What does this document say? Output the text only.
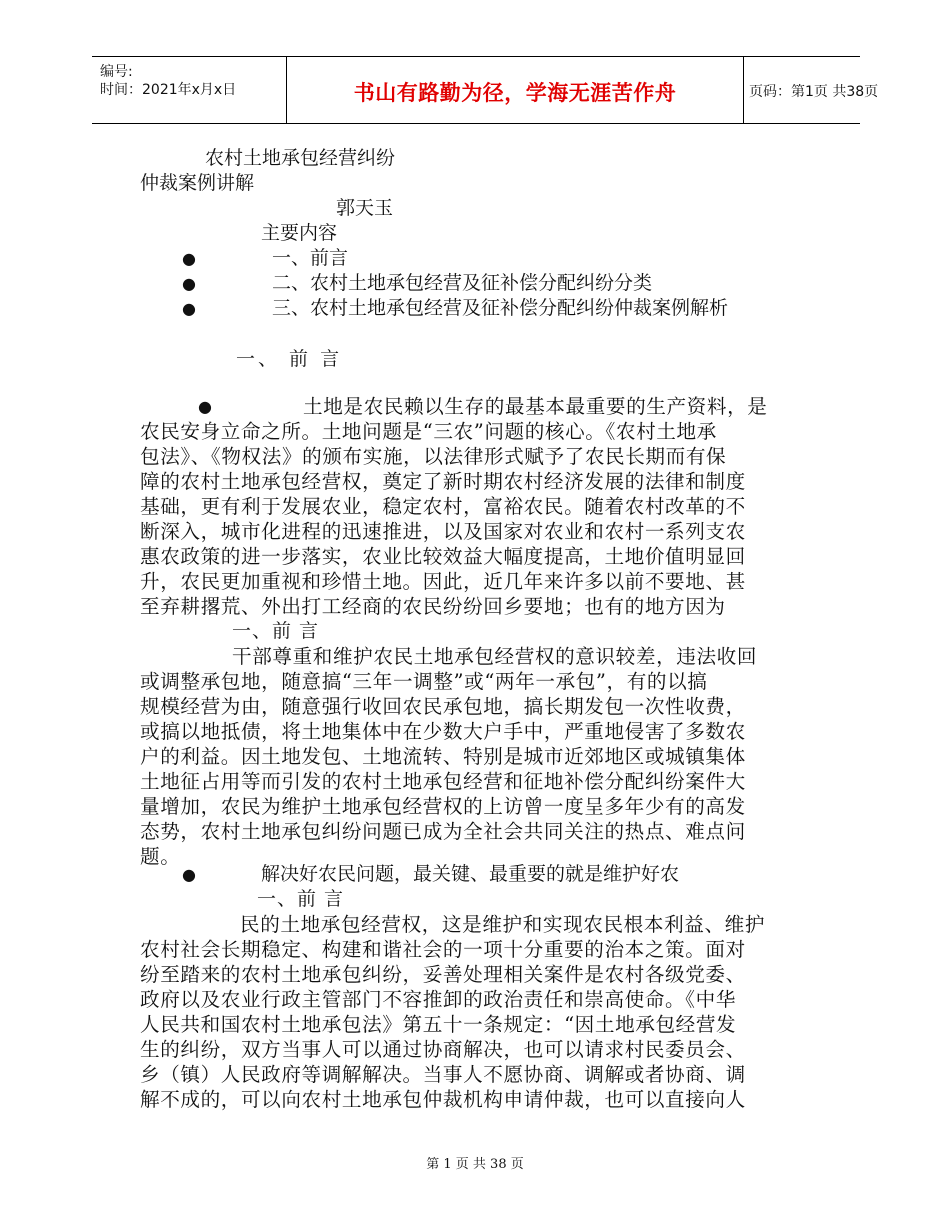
编号:
时间：2021年x月x日	书山有路勤为径，学海无涯苦作舟	页码：第1页 共38页
农村土地承包经营纠纷
仲裁案例讲解
郭天玉
主要内容
●	一、前言
●	二、农村土地承包经营及征补偿分配纠纷分类
●	三、农村土地承包经营及征补偿分配纠纷仲裁案例解析
一、 前 言
●	土地是农民赖以生存的最基本最重要的生产资料，是
农民安身立命之所。土地问题是“三农”问题的核心。《农村土地承
包法》、《物权法》的颁布实施，以法律形式赋予了农民长期而有保
障的农村土地承包经营权，奠定了新时期农村经济发展的法律和制度
基础，更有利于发展农业，稳定农村，富裕农民。随着农村改革的不
断深入，城市化进程的迅速推进，以及国家对农业和农村一系列支农
惠农政策的进一步落实，农业比较效益大幅度提高，土地价值明显回
升，农民更加重视和珍惜土地。因此，近几年来许多以前不要地、甚
至弃耕撂荒、外出打工经商的农民纷纷回乡要地；也有的地方因为
一、前 言
干部尊重和维护农民土地承包经营权的意识较差，违法收回
或调整承包地，随意搞“三年一调整”或“两年一承包”，有的以搞
规模经营为由，随意强行收回农民承包地，搞长期发包一次性收费，
或搞以地抵债，将土地集体中在少数大户手中，严重地侵害了多数农
户的利益。因土地发包、土地流转、特别是城市近郊地区或城镇集体
土地征占用等而引发的农村土地承包经营和征地补偿分配纠纷案件大
量增加，农民为维护土地承包经营权的上访曾一度呈多年少有的高发
态势，农村土地承包纠纷问题已成为全社会共同关注的热点、难点问
题。
●	解决好农民问题，最关键、最重要的就是维护好农
一、前 言
民的土地承包经营权，这是维护和实现农民根本利益、维护
农村社会长期稳定、构建和谐社会的一项十分重要的治本之策。面对
纷至踏来的农村土地承包纠纷，妥善处理相关案件是农村各级党委、
政府以及农业行政主管部门不容推卸的政治责任和崇高使命。《中华
人民共和国农村土地承包法》第五十一条规定：“因土地承包经营发
生的纠纷，双方当事人可以通过协商解决，也可以请求村民委员会、
乡（镇）人民政府等调解解决。当事人不愿协商、调解或者协商、调
解不成的，可以向农村土地承包仲裁机构申请仲裁，也可以直接向人
第 1 页 共 38 页
